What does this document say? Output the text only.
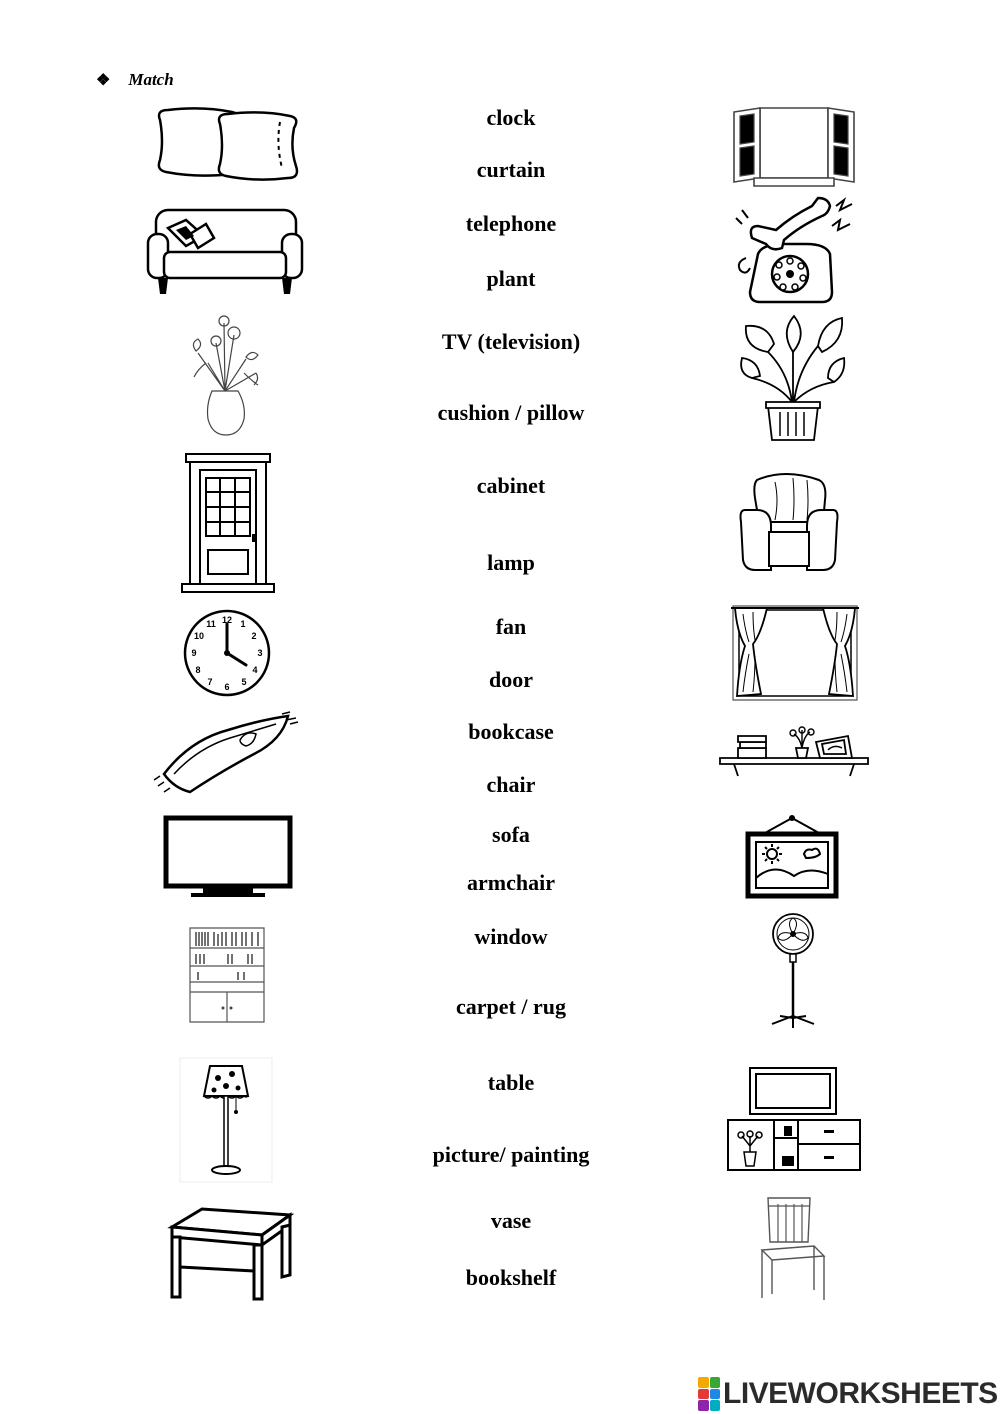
❖ Match
clock
curtain
telephone
plant
TV (television)
cushion / pillow
cabinet
lamp
fan
door
bookcase
chair
sofa
armchair
window
carpet / rug
table
picture/ painting
vase
bookshelf
12 1
2
3
4
5
6
7
8
9
10
11
LIVEWORKSHEETS
